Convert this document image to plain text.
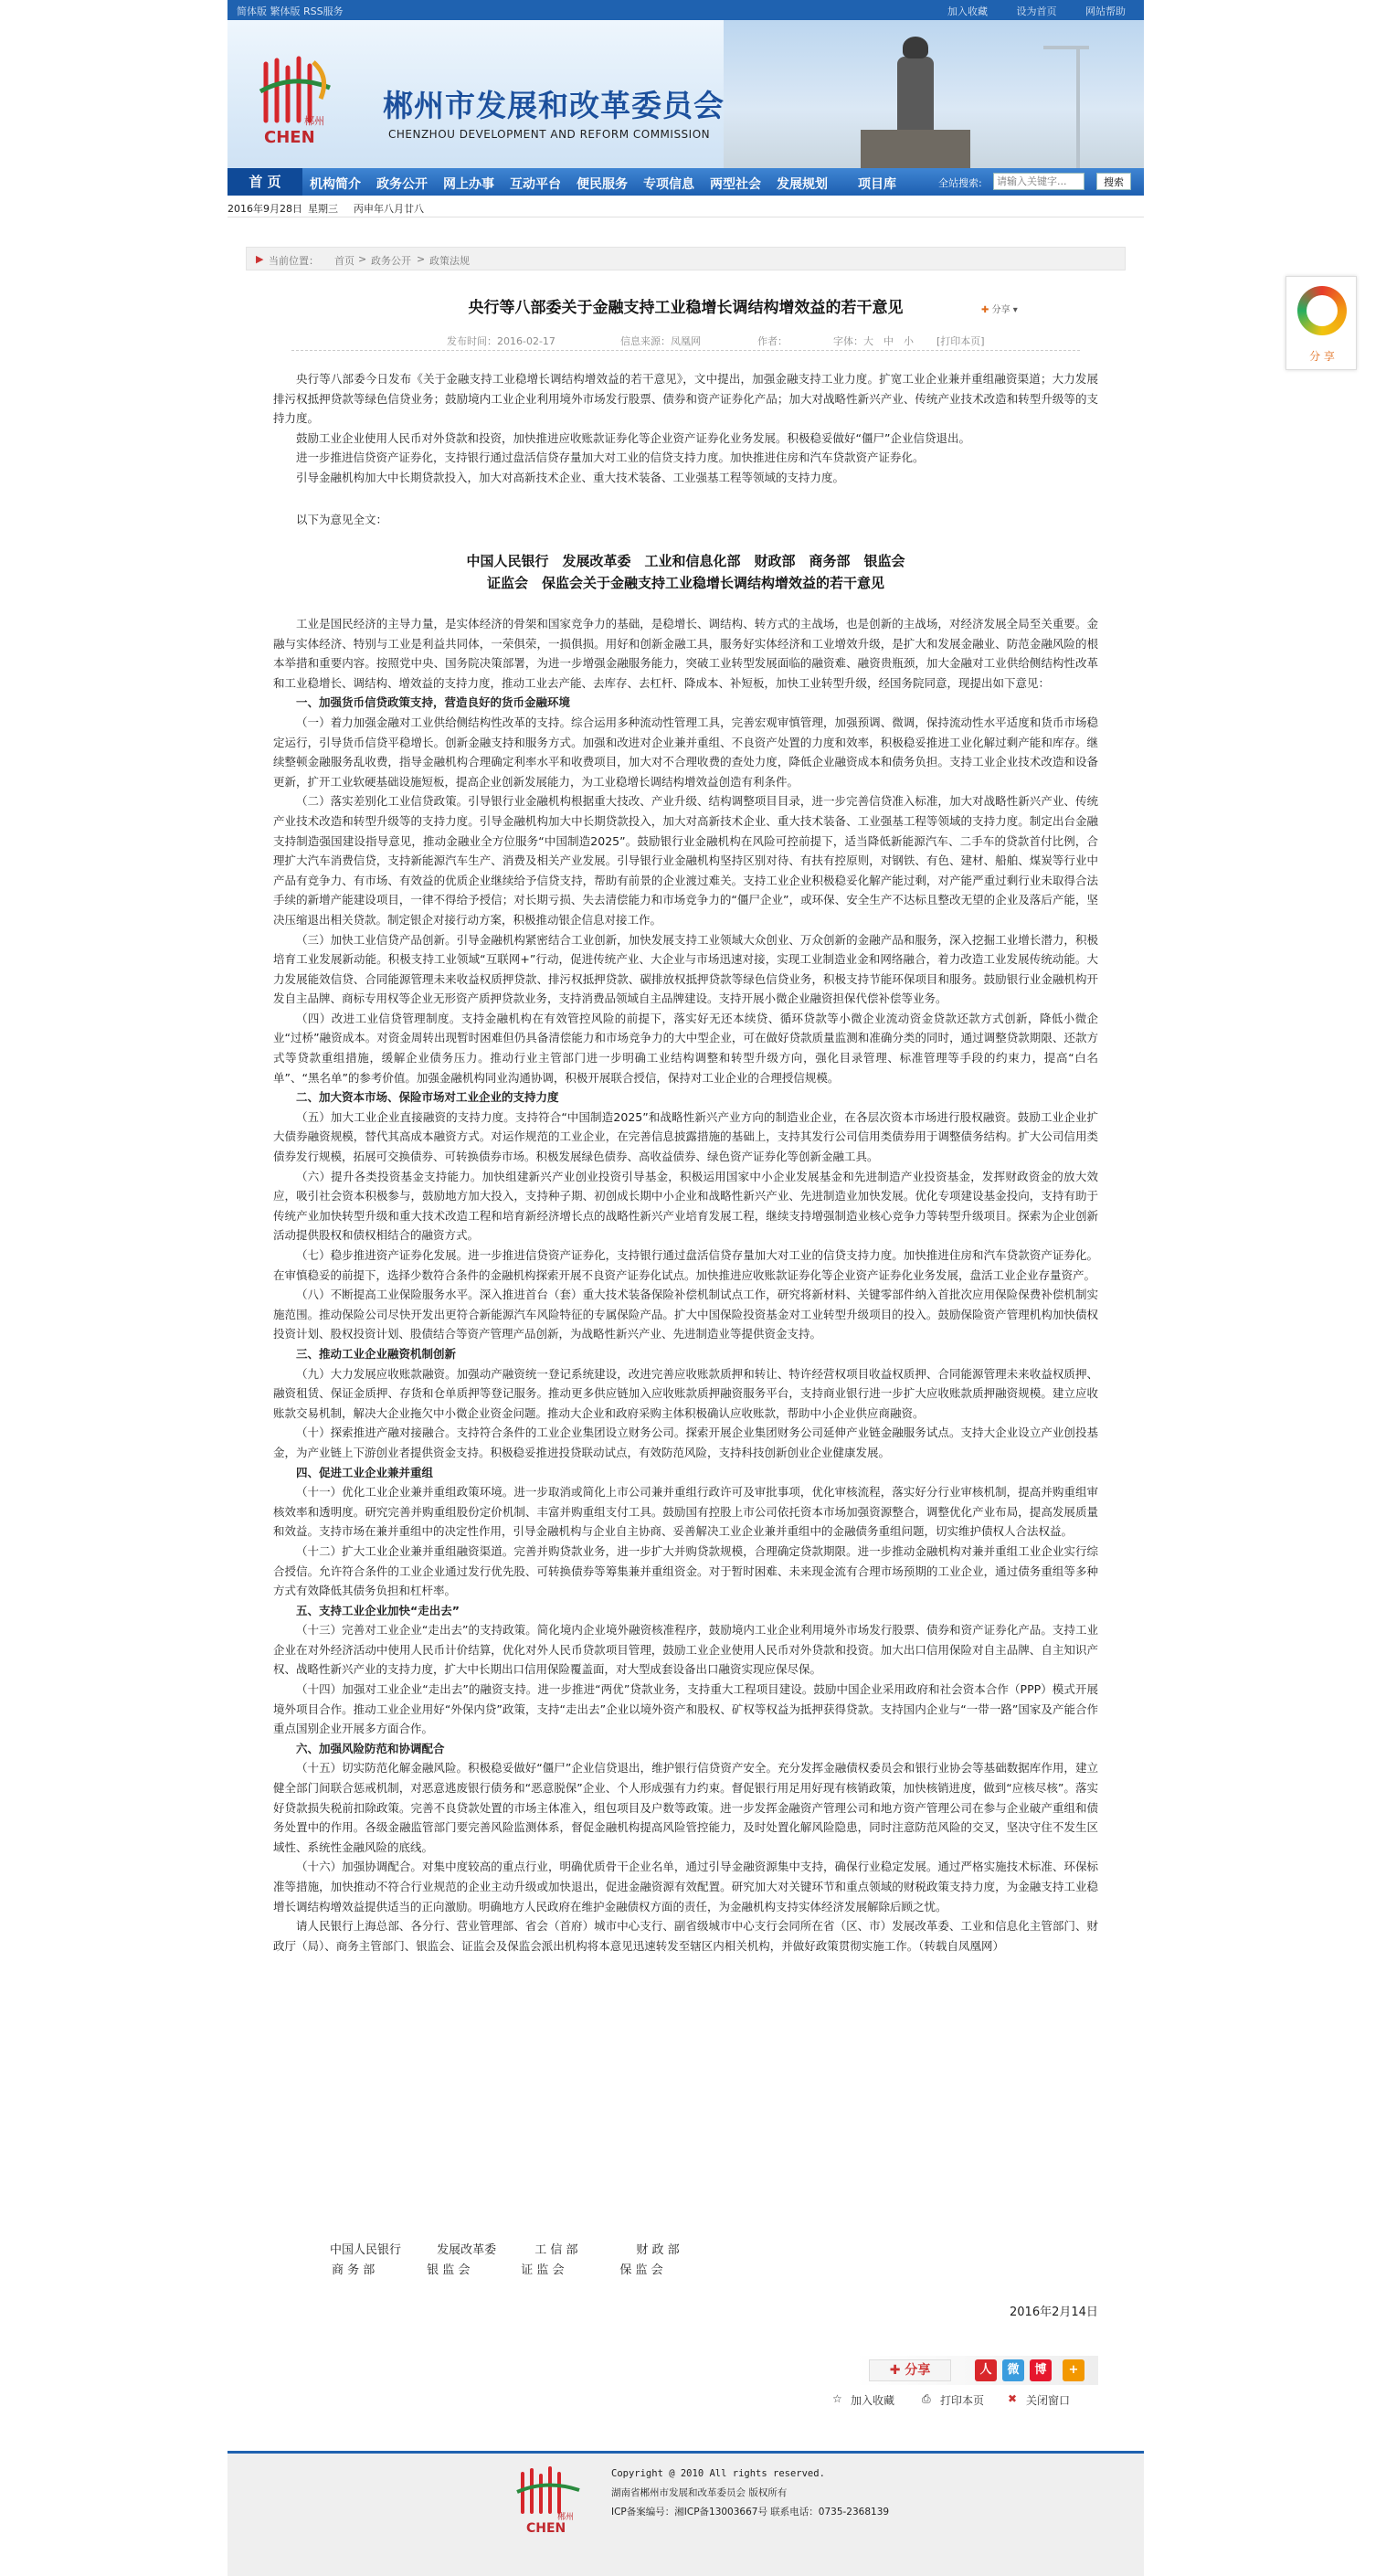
简体版 繁体版 RSS服务	加入收藏	设为首页	网站帮助
郴州
CHEN
郴州市发展和改革委员会
CHENZHOU DEVELOPMENT AND REFORM COMMISSION
首 页	机构简介 政务公开 网上办事 互动平台 便民服务 专项信息 两型社会 发展规划 项目库	全站搜索:
请输入关键字...	搜索
2016年9月28日 星期三 丙申年八月廿八
▶ 当前位置： 首页 > 政务公开 > 政策法规
央行等八部委关于金融支持工业稳增长调结构增效益的若干意见	✚ 分享 ▾
发布时间：2016-02-17	信息来源：凤凰网	作者：	字体：大　中　小 [打印本页]

央行等八部委今日发布《关于金融支持工业稳增长调结构增效益的若干意见》，文中提出，加强金融支持工业力度。扩宽工业企业兼并重组融资渠道；大力发展排污权抵押贷款等绿色信贷业务；鼓励境内工业企业利用境外市场发行股票、债券和资产证券化产品；加大对战略性新兴产业、传统产业技术改造和转型升级等的支持力度。

鼓励工业企业使用人民币对外贷款和投资，加快推进应收账款证券化等企业资产证券化业务发展。积极稳妥做好“僵尸”企业信贷退出。

进一步推进信贷资产证券化，支持银行通过盘活信贷存量加大对工业的信贷支持力度。加快推进住房和汽车贷款资产证券化。

引导金融机构加大中长期贷款投入，加大对高新技术企业、重大技术装备、工业强基工程等领域的支持力度。

以下为意见全文：

中国人民银行　发展改革委　工业和信息化部　财政部　商务部　银监会
证监会　保监会关于金融支持工业稳增长调结构增效益的若干意见

工业是国民经济的主导力量，是实体经济的骨架和国家竞争力的基础，是稳增长、调结构、转方式的主战场，也是创新的主战场，对经济发展全局至关重要。金融与实体经济、特别与工业是利益共同体，一荣俱荣，一损俱损。用好和创新金融工具，服务好实体经济和工业增效升级，是扩大和发展金融业、防范金融风险的根本举措和重要内容。按照党中央、国务院决策部署，为进一步增强金融服务能力，突破工业转型发展面临的融资难、融资贵瓶颈，加大金融对工业供给侧结构性改革和工业稳增长、调结构、增效益的支持力度，推动工业去产能、去库存、去杠杆、降成本、补短板，加快工业转型升级，经国务院同意，现提出如下意见：

一、加强货币信贷政策支持，营造良好的货币金融环境

（一）着力加强金融对工业供给侧结构性改革的支持。综合运用多种流动性管理工具，完善宏观审慎管理，加强预调、微调，保持流动性水平适度和货币市场稳定运行，引导货币信贷平稳增长。创新金融支持和服务方式。加强和改进对企业兼并重组、不良资产处置的力度和效率，积极稳妥推进工业化解过剩产能和库存。继续整顿金融服务乱收费，指导金融机构合理确定利率水平和收费项目，加大对不合理收费的查处力度，降低企业融资成本和债务负担。支持工业企业技术改造和设备更新，扩开工业软硬基础设施短板，提高企业创新发展能力，为工业稳增长调结构增效益创造有利条件。

（二）落实差别化工业信贷政策。引导银行业金融机构根据重大技改、产业升级、结构调整项目目录，进一步完善信贷准入标准，加大对战略性新兴产业、传统产业技术改造和转型升级等的支持力度。引导金融机构加大中长期贷款投入，加大对高新技术企业、重大技术装备、工业强基工程等领域的支持力度。制定出台金融支持制造强国建设指导意见，推动金融业全方位服务“中国制造2025”。鼓励银行业金融机构在风险可控前提下，适当降低新能源汽车、二手车的贷款首付比例，合理扩大汽车消费信贷，支持新能源汽车生产、消费及相关产业发展。引导银行业金融机构坚持区别对待、有扶有控原则，对钢铁、有色、建材、船舶、煤炭等行业中产品有竞争力、有市场、有效益的优质企业继续给予信贷支持，帮助有前景的企业渡过难关。支持工业企业积极稳妥化解产能过剩，对产能严重过剩行业未取得合法手续的新增产能建设项目，一律不得给予授信；对长期亏损、失去清偿能力和市场竞争力的“僵尸企业”，或环保、安全生产不达标且整改无望的企业及落后产能，坚决压缩退出相关贷款。制定银企对接行动方案，积极推动银企信息对接工作。

（三）加快工业信贷产品创新。引导金融机构紧密结合工业创新，加快发展支持工业领域大众创业、万众创新的金融产品和服务，深入挖掘工业增长潜力，积极培育工业发展新动能。积极支持工业领域“互联网+”行动，促进传统产业、大企业与市场迅速对接，实现工业制造业金和网络融合，着力改造工业发展传统动能。大力发展能效信贷、合同能源管理未来收益权质押贷款、排污权抵押贷款、碳排放权抵押贷款等绿色信贷业务，积极支持节能环保项目和服务。鼓励银行业金融机构开发自主品牌、商标专用权等企业无形资产质押贷款业务，支持消费品领域自主品牌建设。支持开展小微企业融资担保代偿补偿等业务。

（四）改进工业信贷管理制度。支持金融机构在有效管控风险的前提下，落实好无还本续贷、循环贷款等小微企业流动资金贷款还款方式创新，降低小微企业“过桥”融资成本。对资金周转出现暂时困难但仍具备清偿能力和市场竞争力的大中型企业，可在做好贷款质量监测和准确分类的同时，通过调整贷款期限、还款方式等贷款重组措施，缓解企业债务压力。推动行业主管部门进一步明确工业结构调整和转型升级方向，强化目录管理、标准管理等手段的约束力，提高“白名单”、“黑名单”的参考价值。加强金融机构同业沟通协调，积极开展联合授信，保持对工业企业的合理授信规模。

二、加大资本市场、保险市场对工业企业的支持力度

（五）加大工业企业直接融资的支持力度。支持符合“中国制造2025”和战略性新兴产业方向的制造业企业，在各层次资本市场进行股权融资。鼓励工业企业扩大债券融资规模，替代其高成本融资方式。对运作规范的工业企业，在完善信息披露措施的基础上，支持其发行公司信用类债券用于调整债务结构。扩大公司信用类债券发行规模，拓展可交换债券、可转换债券市场。积极发展绿色债券、高收益债券、绿色资产证券化等创新金融工具。

（六）提升各类投资基金支持能力。加快组建新兴产业创业投资引导基金，积极运用国家中小企业发展基金和先进制造产业投资基金，发挥财政资金的放大效应，吸引社会资本积极参与，鼓励地方加大投入，支持种子期、初创成长期中小企业和战略性新兴产业、先进制造业加快发展。优化专项建设基金投向，支持有助于传统产业加快转型升级和重大技术改造工程和培育新经济增长点的战略性新兴产业培育发展工程，继续支持增强制造业核心竞争力等转型升级项目。探索为企业创新活动提供股权和债权相结合的融资方式。

（七）稳步推进资产证券化发展。进一步推进信贷资产证券化，支持银行通过盘活信贷存量加大对工业的信贷支持力度。加快推进住房和汽车贷款资产证券化。在审慎稳妥的前提下，选择少数符合条件的金融机构探索开展不良资产证券化试点。加快推进应收账款证券化等企业资产证券化业务发展，盘活工业企业存量资产。

（八）不断提高工业保险服务水平。深入推进首台（套）重大技术装备保险补偿机制试点工作，研究将新材料、关键零部件纳入首批次应用保险保费补偿机制实施范围。推动保险公司尽快开发出更符合新能源汽车风险特征的专属保险产品。扩大中国保险投资基金对工业转型升级项目的投入。鼓励保险资产管理机构加快债权投资计划、股权投资计划、股债结合等资产管理产品创新，为战略性新兴产业、先进制造业等提供资金支持。

三、推动工业企业融资机制创新

（九）大力发展应收账款融资。加强动产融资统一登记系统建设，改进完善应收账款质押和转让、特许经营权项目收益权质押、合同能源管理未来收益权质押、融资租赁、保证金质押、存货和仓单质押等登记服务。推动更多供应链加入应收账款质押融资服务平台，支持商业银行进一步扩大应收账款质押融资规模。建立应收账款交易机制，解决大企业拖欠中小微企业资金问题。推动大企业和政府采购主体积极确认应收账款，帮助中小企业供应商融资。

（十）探索推进产融对接融合。支持符合条件的工业企业集团设立财务公司。探索开展企业集团财务公司延伸产业链金融服务试点。支持大企业设立产业创投基金，为产业链上下游创业者提供资金支持。积极稳妥推进投贷联动试点，有效防范风险，支持科技创新创业企业健康发展。

四、促进工业企业兼并重组

（十一）优化工业企业兼并重组政策环境。进一步取消或简化上市公司兼并重组行政许可及审批事项，优化审核流程，落实好分行业审核机制，提高并购重组审核效率和透明度。研究完善并购重组股份定价机制、丰富并购重组支付工具。鼓励国有控股上市公司依托资本市场加强资源整合，调整优化产业布局，提高发展质量和效益。支持市场在兼并重组中的决定性作用，引导金融机构与企业自主协商、妥善解决工业企业兼并重组中的金融债务重组问题，切实维护债权人合法权益。

（十二）扩大工业企业兼并重组融资渠道。完善并购贷款业务，进一步扩大并购贷款规模，合理确定贷款期限。进一步推动金融机构对兼并重组工业企业实行综合授信。允许符合条件的工业企业通过发行优先股、可转换债券等筹集兼并重组资金。对于暂时困难、未来现金流有合理市场预期的工业企业，通过债务重组等多种方式有效降低其债务负担和杠杆率。

五、支持工业企业加快“走出去”

（十三）完善对工业企业“走出去”的支持政策。简化境内企业境外融资核准程序，鼓励境内工业企业利用境外市场发行股票、债券和资产证券化产品。支持工业企业在对外经济活动中使用人民币计价结算，优化对外人民币贷款项目管理，鼓励工业企业使用人民币对外贷款和投资。加大出口信用保险对自主品牌、自主知识产权、战略性新兴产业的支持力度，扩大中长期出口信用保险覆盖面，对大型成套设备出口融资实现应保尽保。

（十四）加强对工业企业“走出去”的融资支持。进一步推进“两优”贷款业务，支持重大工程项目建设。鼓励中国企业采用政府和社会资本合作（PPP）模式开展境外项目合作。推动工业企业用好“外保内贷”政策，支持“走出去”企业以境外资产和股权、矿权等权益为抵押获得贷款。支持国内企业与“一带一路”国家及产能合作重点国别企业开展多方面合作。

六、加强风险防范和协调配合

（十五）切实防范化解金融风险。积极稳妥做好“僵尸”企业信贷退出，维护银行信贷资产安全。充分发挥金融债权委员会和银行业协会等基础数据库作用，建立健全部门间联合惩戒机制，对恶意逃废银行债务和“恶意脱保”企业、个人形成强有力约束。督促银行用足用好现有核销政策，加快核销进度，做到“应核尽核”。落实好贷款损失税前扣除政策。完善不良贷款处置的市场主体准入，组包项目及户数等政策。进一步发挥金融资产管理公司和地方资产管理公司在参与企业破产重组和债务处置中的作用。各级金融监管部门要完善风险监测体系，督促金融机构提高风险管控能力，及时处置化解风险隐患，同时注意防范风险的交叉，坚决守住不发生区域性、系统性金融风险的底线。

（十六）加强协调配合。对集中度较高的重点行业，明确优质骨干企业名单，通过引导金融资源集中支持，确保行业稳定发展。通过严格实施技术标准、环保标准等措施，加快推动不符合行业规范的企业主动升级或加快退出，促进金融资源有效配置。研究加大对关键环节和重点领域的财税政策支持力度，为金融支持工业稳增长调结构增效益提供适当的正向激励。明确地方人民政府在维护金融债权方面的责任，为金融机构支持实体经济发展解除后顾之忧。

请人民银行上海总部、各分行、营业管理部、省会（首府）城市中心支行、副省级城市中心支行会同所在省（区、市）发展改革委、工业和信息化主管部门、财政厅（局）、商务主管部门、银监会、证监会及保监会派出机构将本意见迅速转发至辖区内相关机构，并做好政策贯彻实施工作。（转载自凤凰网）

中国人民银行	发展改革委	工 信 部	财 政 部
商 务 部	银 监 会	证 监 会	保 监 会
2016年2月14日
✚ 分享	人	微	博	+
☆ 加入收藏 ⎙ 打印本页 ✖ 关闭窗口
郴州
CHEN
Copyright @ 2010 All rights reserved.
湖南省郴州市发展和改革委员会 版权所有
ICP备案编号：湘ICP备13003667号 联系电话：0735-2368139
分 享
